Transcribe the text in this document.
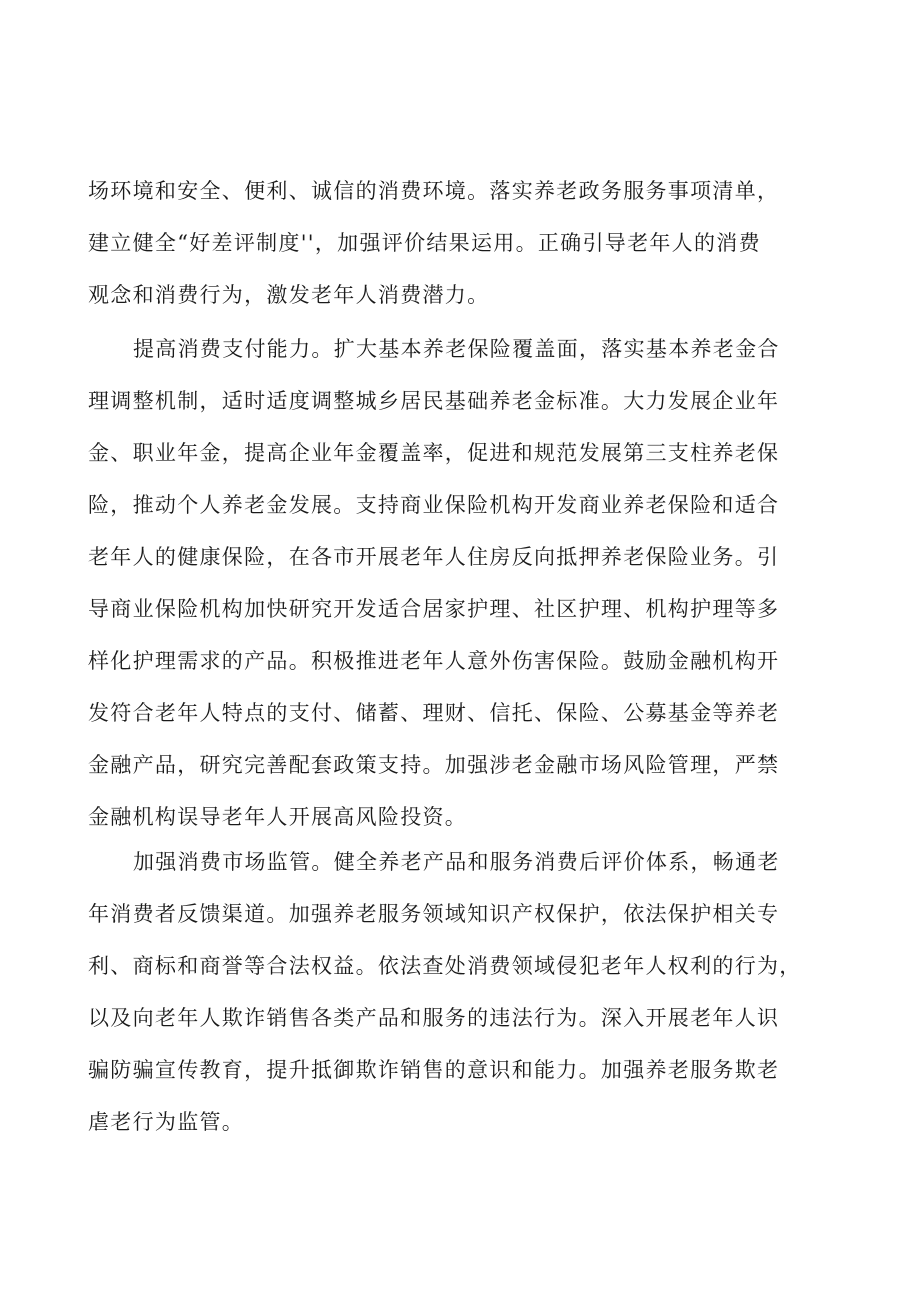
场环境和安全、便利、诚信的消费环境。落实养老政务服务事项清单，
建立健全“好差评制度''，加强评价结果运用。正确引导老年人的消费
观念和消费行为，激发老年人消费潜力。
提高消费支付能力。扩大基本养老保险覆盖面，落实基本养老金合
理调整机制，适时适度调整城乡居民基础养老金标准。大力发展企业年
金、职业年金，提高企业年金覆盖率，促进和规范发展第三支柱养老保
险，推动个人养老金发展。支持商业保险机构开发商业养老保险和适合
老年人的健康保险，在各市开展老年人住房反向抵押养老保险业务。引
导商业保险机构加快研究开发适合居家护理、社区护理、机构护理等多
样化护理需求的产品。积极推进老年人意外伤害保险。鼓励金融机构开
发符合老年人特点的支付、储蓄、理财、信托、保险、公募基金等养老
金融产品，研究完善配套政策支持。加强涉老金融市场风险管理，严禁
金融机构误导老年人开展高风险投资。
加强消费市场监管。健全养老产品和服务消费后评价体系，畅通老
年消费者反馈渠道。加强养老服务领域知识产权保护，依法保护相关专
利、商标和商誉等合法权益。依法查处消费领域侵犯老年人权利的行为，
以及向老年人欺诈销售各类产品和服务的违法行为。深入开展老年人识
骗防骗宣传教育，提升抵御欺诈销售的意识和能力。加强养老服务欺老
虐老行为监管。
